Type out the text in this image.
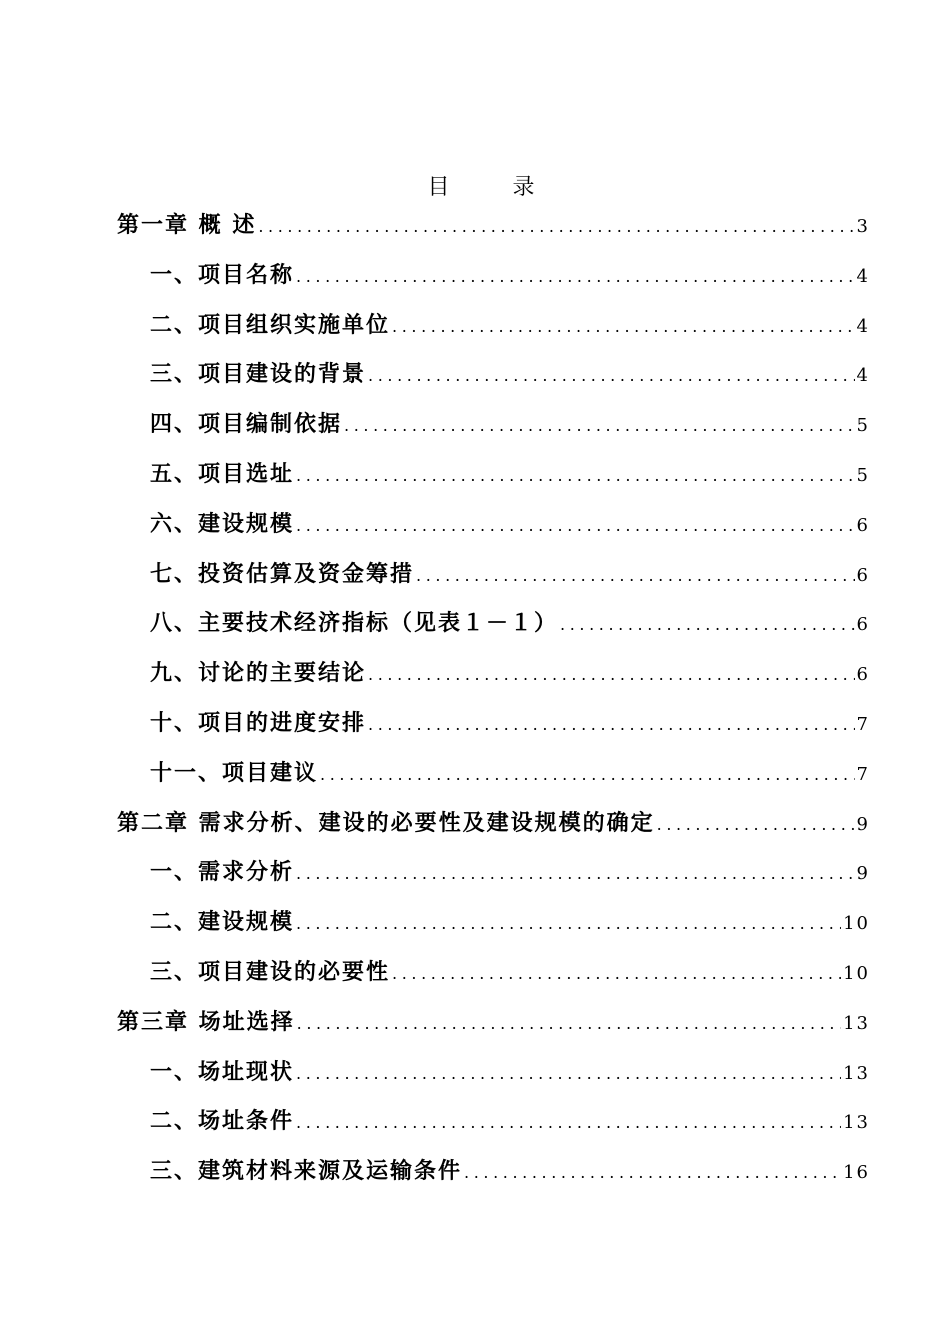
目 录
第一章 概 述 .....	3
一、项目名称 .....	4
二、项目组织实施单位 .....	4
三、项目建设的背景 .....	4
四、项目编制依据 .....	5
五、项目选址 .....	5
六、建设规模 .....	6
七、投资估算及资金筹措 .....	6
八、主要技术经济指标（见表１－１） .....	6
九、讨论的主要结论 .....	6
十、项目的进度安排 .....	7
十一、项目建议 .....	7
第二章 需求分析、建设的必要性及建设规模的确定 .....	9
一、需求分析 .....	9
二、建设规模 .....	10
三、项目建设的必要性 .....	10
第三章 场址选择 .....	13
一、场址现状 .....	13
二、场址条件 .....	13
三、建筑材料来源及运输条件 .....	16
